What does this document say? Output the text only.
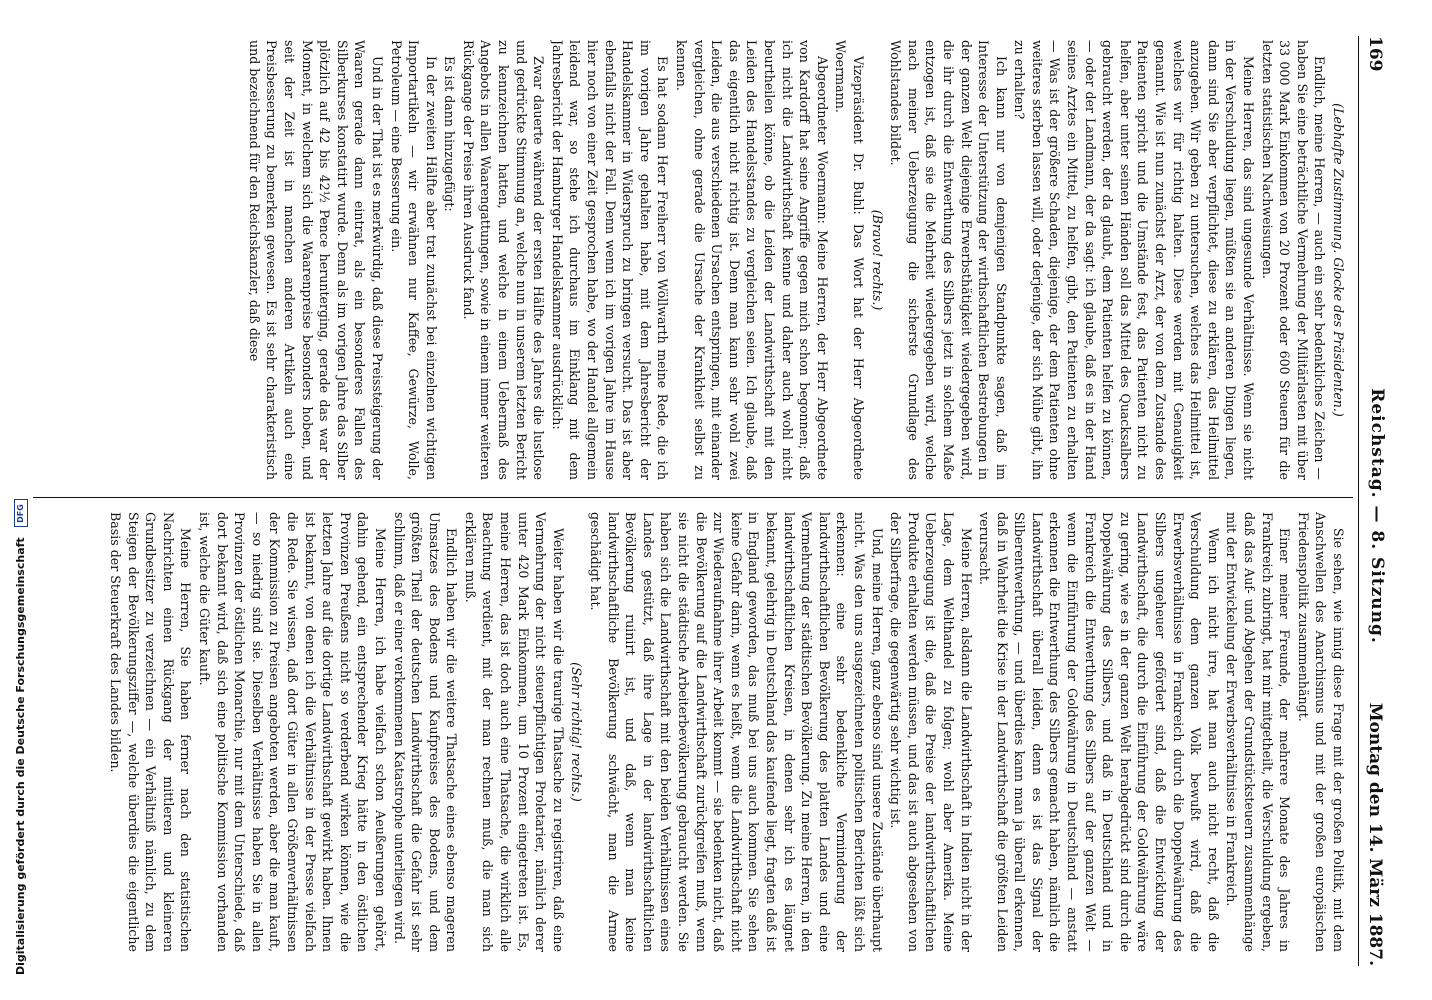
169
Reichstag. — 8. Sitzung.
Montag den 14. März 1887.

(Lebhafte Zustimmung. Glocke des Präsidenten.)

Endlich, meine Herren, — auch ein sehr bedenkliches Zeichen — haben Sie eine beträchtliche Vermehrung der Militärlasten mit über 33 000 Mark Einkommen von 20 Prozent oder 600 Steuern für die letzten statistischen Nachweisungen.

Meine Herren, das sind ungesunde Verhältnisse. Wenn sie nicht in der Verschuldung liegen, müßten sie an anderen Dingen liegen, dann sind Sie aber verpflichtet, diese zu erklären, das Heilmittel anzugeben. Wir geben zu untersuchen, welches das Heilmittel ist, welches wir für richtig halten. Diese werden mit Genauigkeit genannt. Wie ist nun zunächst der Arzt, der von dem Zustande des Patienten spricht und die Umstände fest, das Patienten nicht zu helfen, aber unter seinen Händen soll das Mittel des Quacksalbers gebraucht werden, der da glaubt, dem Patienten helfen zu können, — oder der Landmann, der da sagt: ich glaube, daß es in der Hand seines Arztes ein Mittel, zu helfen, gibt, den Patienten zu erhalten — Was ist der größere Schaden, diejenige, der dem Patienten ohne weiteres sterben lassen will, oder derjenige, der sich Mühe gibt, ihn zu erhalten?

Ich kann nur von demjenigen Standpunkte sagen, daß im Interesse der Unterstützung der wirthschaftlichen Bestrebungen in der ganzen Welt diejenige Erwerbsthätigkeit wiedergegeben wird, die ihr durch die Entwerthung des Silbers jetzt in solchem Maße entzogen ist, daß sie die Mehrheit wiedergegeben wird, welche nach meiner Ueberzeugung die sicherste Grundlage des Wohlstandes bildet.

(Bravo! rechts.)

Vizepräsident Dr. Buhl: Das Wort hat der Herr Abgeordnete Woermann.

Abgeordneter Woermann: Meine Herren, der Herr Abgeordnete von Kardorff hat seine Angriffe gegen mich schon begonnen; daß ich nicht die Landwirthschaft kenne und daher auch wohl nicht beurtheilen könne, ob die Leiden der Landwirthschaft mit den Leiden des Handelsstandes zu vergleichen seien. Ich glaube, daß das eigentlich nicht richtig ist. Denn man kann sehr wohl zwei Leiden, die aus verschiedenen Ursachen entspringen, mit einander vergleichen, ohne gerade die Ursache der Krankheit selbst zu kennen.

Es hat sodann Herr Freiherr von Wöllwarth meine Rede, die ich im vorigen Jahre gehalten habe, mit dem Jahresbericht der Handelskammer in Widerspruch zu bringen versucht. Das ist aber ebenfalls nicht der Fall. Denn wenn ich im vorigen Jahre im Hause hier noch von einer Zeit gesprochen habe, wo der Handel allgemein leidend war, so stehe ich durchaus im Einklang mit dem Jahresbericht der Hamburger Handelskammer ausdrücklich:

Zwar dauerte während der ersten Hälfte des Jahres die lustlose und gedrückte Stimmung an, welche nun in unserem letzten Bericht zu kennzeichnen hatten, und welche in einem Uebermaß des Angebots in allen Waarengattungen, sowie in einem immer weiteren Rückgange der Preise ihren Ausdruck fand.

Es ist dann hinzugefügt:

In der zweiten Hälfte aber trat zunächst bei einzelnen wichtigen Importartikeln — wir erwähnen nur Kaffee, Gewürze, Wolle, Petroleum — eine Besserung ein.

Und in der That ist es merkwürdig, daß diese Preissteigerung der Waaren gerade dann eintrat, als ein besonderes Fallen des Silberkurses konstatirt wurde. Denn als im vorigen Jahre das Silber plötzlich auf 42 bis 42½ Pence herunterging, gerade das war der Moment, in welchem sich die Waarenpreise besonders hoben, und seit der Zeit ist in manchen anderen Artikeln auch eine Preisbesserung zu bemerken gewesen. Es ist sehr charakteristisch und bezeichnend für den Reichskanzler, daß diese

Sie sehen, wie innig diese Frage mit der großen Politik, mit dem Anschwellen des Anarchismus und mit der großen europäischen Friedenspolitik zusammenhängt.

Einer meiner Freunde, der mehrere Monate des Jahres in Frankreich zubringt, hat mir mitgetheilt, die Verschuldung ergeben, daß das Auf- und Abgehen der Grundstücksteuern zusammenhänge mit der Entwickelung der Erwerbsverhältnisse in Frankreich.

Wenn ich nicht irre, hat man auch nicht recht, daß die Verschuldung dem ganzen Volk bewußt wird, daß die Erwerbsverhältnisse in Frankreich durch die Doppelwährung des Silbers ungeheuer gefördert sind, daß die Entwicklung der Landwirthschaft, die durch die Einführung der Goldwährung wäre zu gering, wie es in der ganzen Welt herabgedrückt sind durch die Doppelwährung des Silbers, und daß in Deutschland und in Frankreich die Entwerthung des Silbers auf der ganzen Welt — wenn die Einführung der Goldwährung in Deutschland — anstatt erkennen die Entwerthung des Silbers gemacht haben, nämlich die Landwirthschaft überall leiden, denn es ist das Signal der Silberentwerthung, — und überdies kann man ja überall erkennen, daß in Wahrheit die Krise in der Landwirthschaft die größten Leiden verursacht.

Meine Herren, alsdann die Landwirthschaft in Indien nicht in der Lage, dem Welthandel zu folgen; wohl aber Amerika. Meine Ueberzeugung ist die, daß die Preise der landwirthschaftlichen Produkte erhalten werden müssen, und das ist auch abgesehen von der Silberfrage, die gegenwärtig sehr wichtig ist.

Und, meine Herren, ganz ebenso sind unsere Zustände überhaupt nicht. Was den uns ausgezeichneten politischen Berichten läßt sich erkennen: eine sehr bedenkliche Verminderung der landwirthschaftlichen Bevölkerung des platten Landes und eine Vermehrung der städtischen Bevölkerung. Zu meine Herren, in den landwirthschaftlichen Kreisen, in denen sehr ich es läugnet bekannt, gelehrig in Deutschland das kaufende liegt, fragten daß ist in England geworden, das muß bei uns auch kommen. Sie sehen keine Gefahr darin, wenn es heißt, wenn die Landwirthschaft nicht zur Wiederaufnahme ihrer Arbeit kommt — sie bedenken nicht, daß die Bevölkerung auf die Landwirthschaft zurückgreifen muß, wenn sie nicht die städtische Arbeiterbevölkerung gebraucht werden. Sie haben sich die Landwirthschaft mit den beiden Verhältnissen eines Landes gestützt, daß ihre Lage in der landwirthschaftlichen Bevölkerung ruinirt ist, und daß, wenn man keine landwirthschaftliche Bevölkerung schwächt, man die Armee geschädigt hat.

(Sehr richtig! rechts.)

Weiter haben wir die traurige Thatsache zu registriren, daß eine Vermehrung der nicht steuerpflichtigen Proletarier, nämlich derer unter 420 Mark Einkommen, um 10 Prozent eingetreten ist. Es, meine Herren, das ist doch auch eine Thatsache, die wirklich alle Beachtung verdient, mit der man rechnen muß, die man sich erklären muß.

Endlich haben wir die weitere Thatsache eines ebenso mageren Umsatzes des Bodens und Kaufpreises des Bodens, und dem größten Theil der deutschen Landwirthschaft die Gefahr ist sehr schlimm, daß er einer verkommenen Katastrophe unterliegen wird.

Meine Herren, ich habe vielfach schon Aeußerungen gehört, dahin gehend, ein entsprechender Krieg hätte in den östlichen Provinzen Preußens nicht so verderbend wirken können, wie die letzten Jahre auf die dortige Landwirthschaft gewirkt haben. Ihnen ist bekannt, von denen ich die Verhältnisse in der Presse vielfach die Rede. Sie wissen, daß dort Güter in allen Größenverhältnissen der Kommission zu Preisen angeboten werden, aber die man kauft, — so niedrig sind sie. Dieselben Verhältnisse haben Sie in allen Provinzen der östlichen Monarchie, nur mit dem Unterschiede, daß dort bekannt wird, daß sich eine politische Kommission vorhanden ist, welche die Güter kauft.

Meine Herren, Sie haben ferner nach den statistischen Nachrichten einen Rückgang der mittleren und kleineren Grundbesitzer zu verzeichnen — ein Verhältniß nämlich, zu dem Steigen der Bevölkerungsziffer —, welche überdies die eigentliche Basis der Steuerkraft des Landes bilden.

Digitalisierung gefördert durch die Deutsche Forschungsgemeinschaft DFG
